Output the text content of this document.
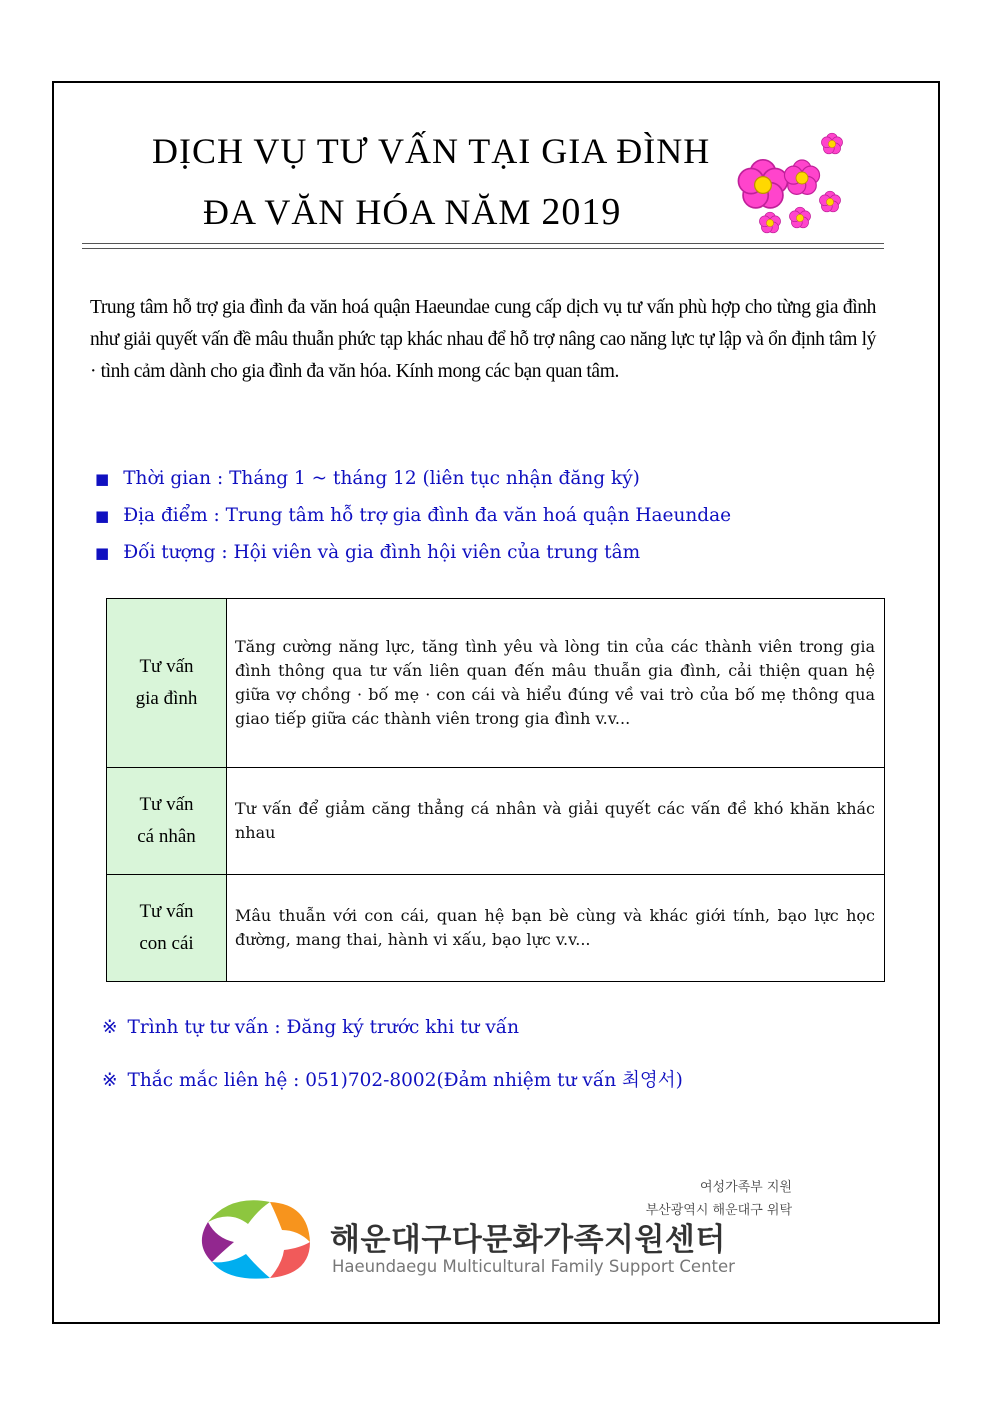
DỊCH VỤ TƯ VẤN TẠI GIA ĐÌNH
ĐA VĂN HÓA NĂM 2019
Trung tâm hỗ trợ gia đình đa văn hoá quận Haeundae cung cấp dịch vụ tư vấn phù hợp cho từng gia đình như giải quyết vấn đề mâu thuẫn phức tạp khác nhau để hỗ trợ nâng cao năng lực tự lập và ổn định tâm lý · tình cảm dành cho gia đình đa văn hóa. Kính mong các bạn quan tâm.
■ Thời gian : Tháng 1 ~ tháng 12 (liên tục nhận đăng ký)
■ Địa điểm : Trung tâm hỗ trợ gia đình đa văn hoá quận Haeundae
■ Đối tượng : Hội viên và gia đình hội viên của trung tâm
Tư vấn
gia đình	Tăng cường năng lực, tăng tình yêu và lòng tin của các thành viên trong gia đình thông qua tư vấn liên quan đến mâu thuẫn gia đình, cải thiện quan hệ giữa vợ chồng · bố mẹ · con cái và hiểu đúng về vai trò của bố mẹ thông qua giao tiếp giữa các thành viên trong gia đình v.v...
Tư vấn
cá nhân	Tư vấn để giảm căng thẳng cá nhân và giải quyết các vấn đề khó khăn khác nhau
Tư vấn
con cái	Mâu thuẫn với con cái, quan hệ bạn bè cùng và khác giới tính, bạo lực học đường, mang thai, hành vi xấu, bạo lực v.v...
※ Trình tự tư vấn : Đăng ký trước khi tư vấn
※ Thắc mắc liên hệ : 051)702-8002(Đảm nhiệm tư vấn 최영서)
여성가족부 지원
부산광역시 해운대구 위탁
해운대구다문화가족지원센터
Haeundaegu Multicultural Family Support Center
